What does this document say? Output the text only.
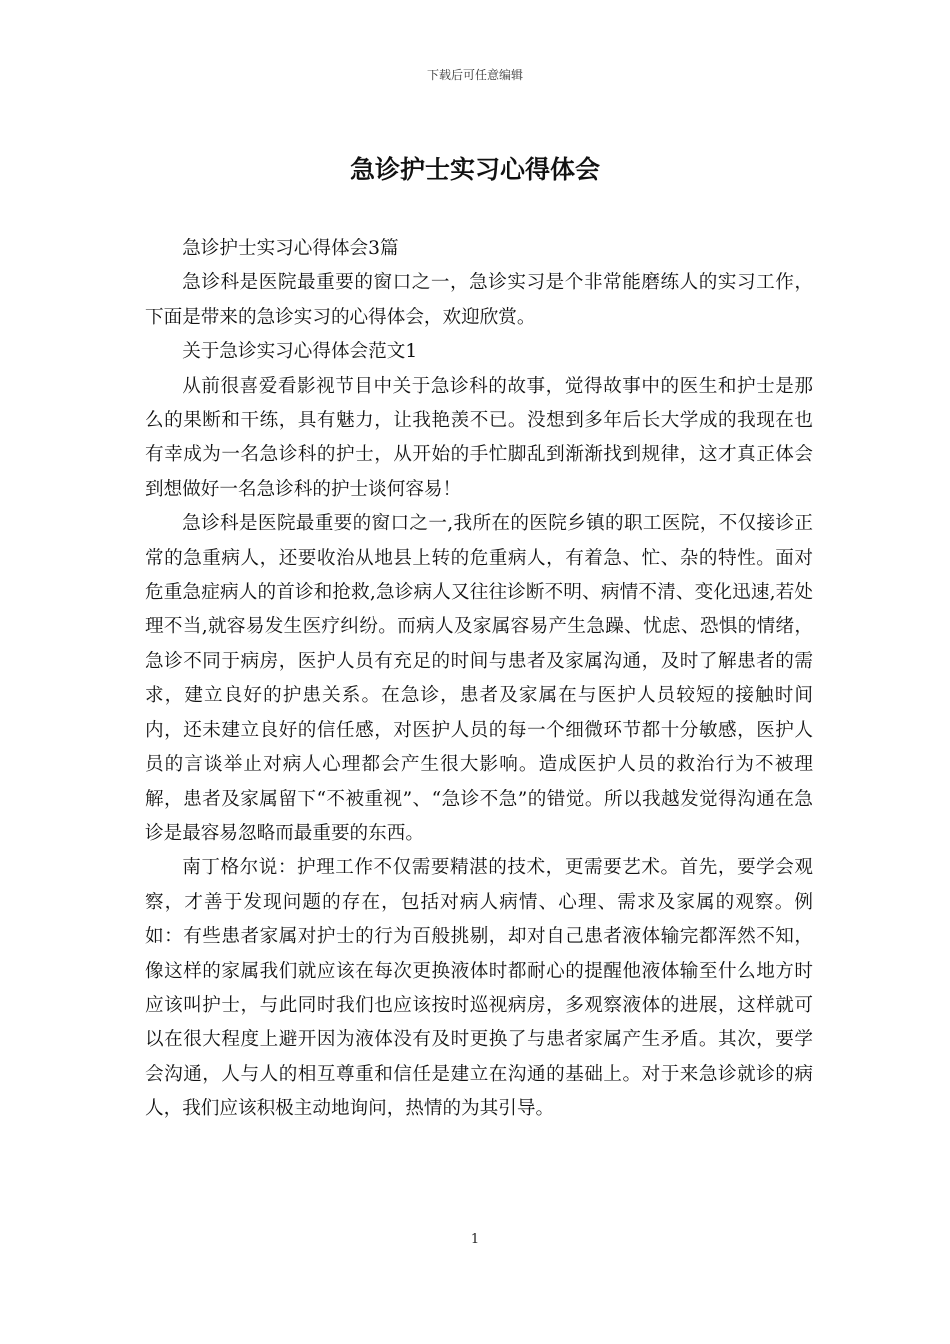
下载后可任意编辑
急诊护士实习心得体会

急诊护士实习心得体会3篇

急诊科是医院最重要的窗口之一，急诊实习是个非常能磨练人的实习工作，下面是带来的急诊实习的心得体会，欢迎欣赏。

关于急诊实习心得体会范文1

从前很喜爱看影视节目中关于急诊科的故事，觉得故事中的医生和护士是那么的果断和干练，具有魅力，让我艳羡不已。没想到多年后长大学成的我现在也有幸成为一名急诊科的护士，从开始的手忙脚乱到渐渐找到规律，这才真正体会到想做好一名急诊科的护士谈何容易！

急诊科是医院最重要的窗口之一,我所在的医院乡镇的职工医院，不仅接诊正常的急重病人，还要收治从地县上转的危重病人，有着急、忙、杂的特性。面对危重急症病人的首诊和抢救,急诊病人又往往诊断不明、病情不清、变化迅速,若处理不当,就容易发生医疗纠纷。而病人及家属容易产生急躁、忧虑、恐惧的情绪，急诊不同于病房，医护人员有充足的时间与患者及家属沟通，及时了解患者的需求，建立良好的护患关系。在急诊，患者及家属在与医护人员较短的接触时间内，还未建立良好的信任感，对医护人员的每一个细微环节都十分敏感，医护人员的言谈举止对病人心理都会产生很大影响。造成医护人员的救治行为不被理解，患者及家属留下“不被重视”、“急诊不急”的错觉。所以我越发觉得沟通在急诊是最容易忽略而最重要的东西。

南丁格尔说：护理工作不仅需要精湛的技术，更需要艺术。首先，要学会观察，才善于发现问题的存在，包括对病人病情、心理、需求及家属的观察。例如：有些患者家属对护士的行为百般挑剔，却对自己患者液体输完都浑然不知，像这样的家属我们就应该在每次更换液体时都耐心的提醒他液体输至什么地方时应该叫护士，与此同时我们也应该按时巡视病房，多观察液体的进展，这样就可以在很大程度上避开因为液体没有及时更换了与患者家属产生矛盾。其次，要学会沟通，人与人的相互尊重和信任是建立在沟通的基础上。对于来急诊就诊的病人，我们应该积极主动地询问，热情的为其引导。

1
